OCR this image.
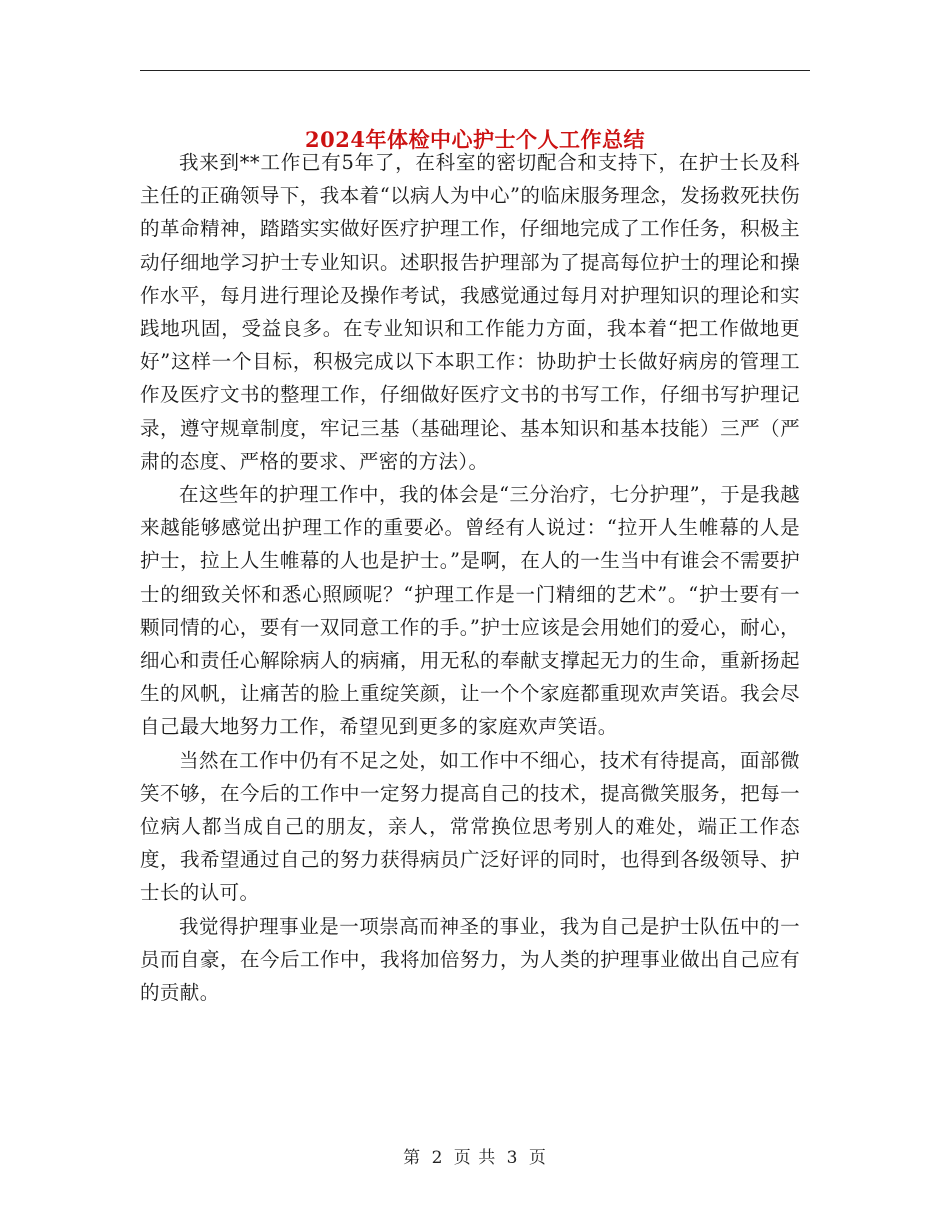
2024年体检中心护士个人工作总结

我来到**工作已有5年了，在科室的密切配合和支持下，在护士长及科主任的正确领导下，我本着“以病人为中心”的临床服务理念，发扬救死扶伤的革命精神，踏踏实实做好医疗护理工作，仔细地完成了工作任务，积极主动仔细地学习护士专业知识。述职报告护理部为了提高每位护士的理论和操作水平，每月进行理论及操作考试，我感觉通过每月对护理知识的理论和实践地巩固，受益良多。在专业知识和工作能力方面，我本着“把工作做地更好”这样一个目标，积极完成以下本职工作：协助护士长做好病房的管理工作及医疗文书的整理工作，仔细做好医疗文书的书写工作，仔细书写护理记录，遵守规章制度，牢记三基（基础理论、基本知识和基本技能）三严（严肃的态度、严格的要求、严密的方法）。

在这些年的护理工作中，我的体会是“三分治疗，七分护理”，于是我越来越能够感觉出护理工作的重要必。曾经有人说过：“拉开人生帷幕的人是护士，拉上人生帷幕的人也是护士。”是啊，在人的一生当中有谁会不需要护士的细致关怀和悉心照顾呢？“护理工作是一门精细的艺术”。“护士要有一颗同情的心，要有一双同意工作的手。”护士应该是会用她们的爱心，耐心，细心和责任心解除病人的病痛，用无私的奉献支撑起无力的生命，重新扬起生的风帆，让痛苦的脸上重绽笑颜，让一个个家庭都重现欢声笑语。我会尽自己最大地努力工作，希望见到更多的家庭欢声笑语。

当然在工作中仍有不足之处，如工作中不细心，技术有待提高，面部微笑不够，在今后的工作中一定努力提高自己的技术，提高微笑服务，把每一位病人都当成自己的朋友，亲人，常常换位思考别人的难处，端正工作态度，我希望通过自己的努力获得病员广泛好评的同时，也得到各级领导、护士长的认可。

我觉得护理事业是一项崇高而神圣的事业，我为自己是护士队伍中的一员而自豪，在今后工作中，我将加倍努力，为人类的护理事业做出自己应有的贡献。

第 2 页 共 3 页
